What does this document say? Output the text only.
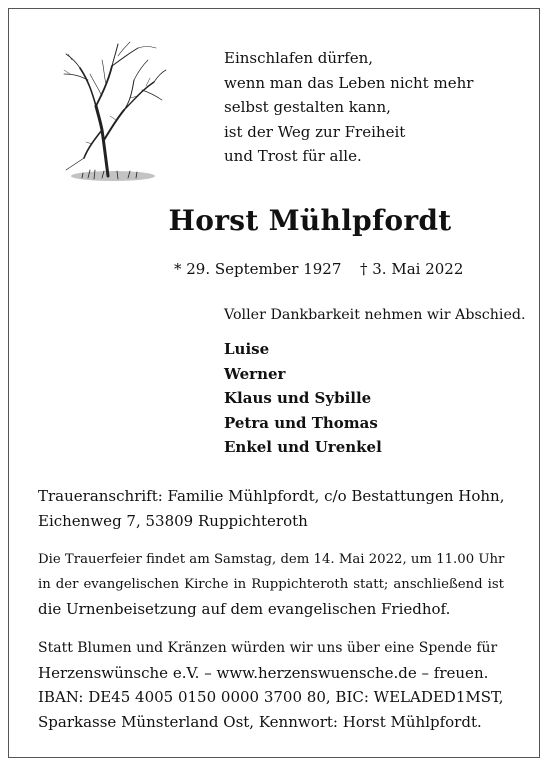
Einschlafen dürfen,
wenn man das Leben nicht mehr
selbst gestalten kann,
ist der Weg zur Freiheit
und Trost für alle.
Horst Mühlpfordt
* 29. September 1927 † 3. Mai 2022
Voller Dankbarkeit nehmen wir Abschied.
Luise
Werner
Klaus und Sybille
Petra und Thomas
Enkel und Urenkel
Traueranschrift: Familie Mühlpfordt, c/o Bestattungen Hohn,
Eichenweg 7, 53809 Ruppichteroth
Die Trauerfeier findet am Samstag, dem 14. Mai 2022, um 11.00 Uhr
in der evangelischen Kirche in Ruppichteroth statt; anschließend ist
die Urnenbeisetzung auf dem evangelischen Friedhof.
Statt Blumen und Kränzen würden wir uns über eine Spende für
Herzenswünsche e.V. – www.herzenswuensche.de – freuen.
IBAN: DE45 4005 0150 0000 3700 80, BIC: WELADED1MST,
Sparkasse Münsterland Ost, Kennwort: Horst Mühlpfordt.
